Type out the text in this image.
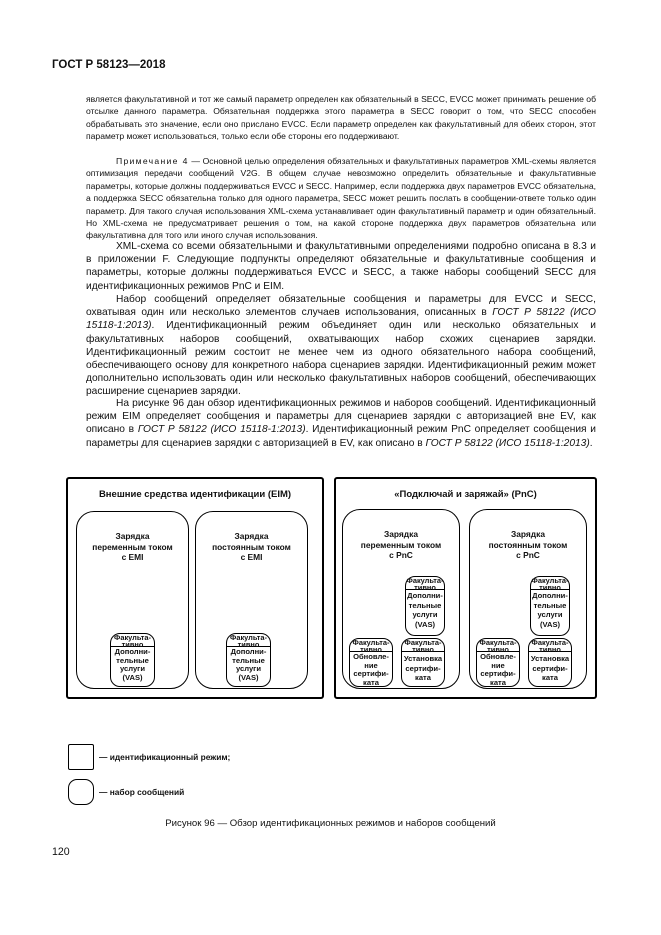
ГОСТ Р 58123—2018
является факультативной и тот же самый параметр определен как обязательный в SECC, EVCC может принимать решение об отсылке данного параметра. Обязательная поддержка этого параметра в SECC говорит о том, что SECC способен обрабатывать это значение, если оно прислано EVCC. Если параметр определен как факультативный для обеих сторон, этот параметр может использоваться, только если обе стороны его поддерживают.
Примечание 4 — Основной целью определения обязательных и факультативных параметров XML-схемы является оптимизация передачи сообщений V2G. В общем случае невозможно определить обязательные и факультативные параметры, которые должны поддерживаться EVCC и SECC. Например, если поддержка двух параметров EVCC обязательна, а поддержка SECC обязательна только для одного параметра, SECC может решить послать в сообщении-ответе только один параметр. Для такого случая использования XML-схема устанавливает один факультативный параметр и один обязательный. Но XML-схема не предусматривает решения о том, на какой стороне поддержка двух параметров обязательна или факультативна для того или иного случая использования.
XML-схема со всеми обязательными и факультативными определениями подробно описана в 8.3 и в приложении F. Следующие подпункты определяют обязательные и факультативные сообщения и параметры, которые должны поддерживаться EVCC и SECC, а также наборы сообщений SECC для идентификационных режимов PnC и EIM.
Набор сообщений определяет обязательные сообщения и параметры для EVCC и SECC, охватывая один или несколько элементов случаев использования, описанных в ГОСТ Р 58122 (ИСО 15118-1:2013). Идентификационный режим объединяет один или несколько обязательных и факультативных наборов сообщений, охватывающих набор схожих сценариев зарядки. Идентификационный режим состоит не менее чем из одного обязательного набора сообщений, обеспечивающего основу для конкретного набора сценариев зарядки. Идентификационный режим может дополнительно использовать один или несколько факультативных наборов сообщений, обеспечивающих расширение сценариев зарядки.
На рисунке 96 дан обзор идентификационных режимов и наборов сообщений. Идентификационный режим EIM определяет сообщения и параметры для сценариев зарядки с авторизацией вне EV, как описано в ГОСТ Р 58122 (ИСО 15118-1:2013). Идентификационный режим PnC определяет сообщения и параметры для сценариев зарядки с авторизацией в EV, как описано в ГОСТ Р 58122 (ИСО 15118-1:2013).
Внешние средства идентификации (EIM)
Зарядка
переменным током
с EMI
Факульта-
тивно
Дополни-
тельные
услуги
(VAS)
Зарядка
постоянным током
с EMI
Факульта-
тивно
Дополни-
тельные
услуги
(VAS)
«Подключай и заряжай» (PnC)
Зарядка
переменным током
с PnC
Факульта-
тивно
Дополни-
тельные
услуги
(VAS)
Факульта-
тивно
Обновле-
ние
сертифи-
ката
Факульта-
тивно
Установка
сертифи-
ката
Зарядка
постоянным током
с PnC
Факульта-
тивно
Дополни-
тельные
услуги
(VAS)
Факульта-
тивно
Обновле-
ние
сертифи-
ката
Факульта-
тивно
Установка
сертифи-
ката
— идентификационный режим;
— набор сообщений
Рисунок 96 — Обзор идентификационных режимов и наборов сообщений
120
